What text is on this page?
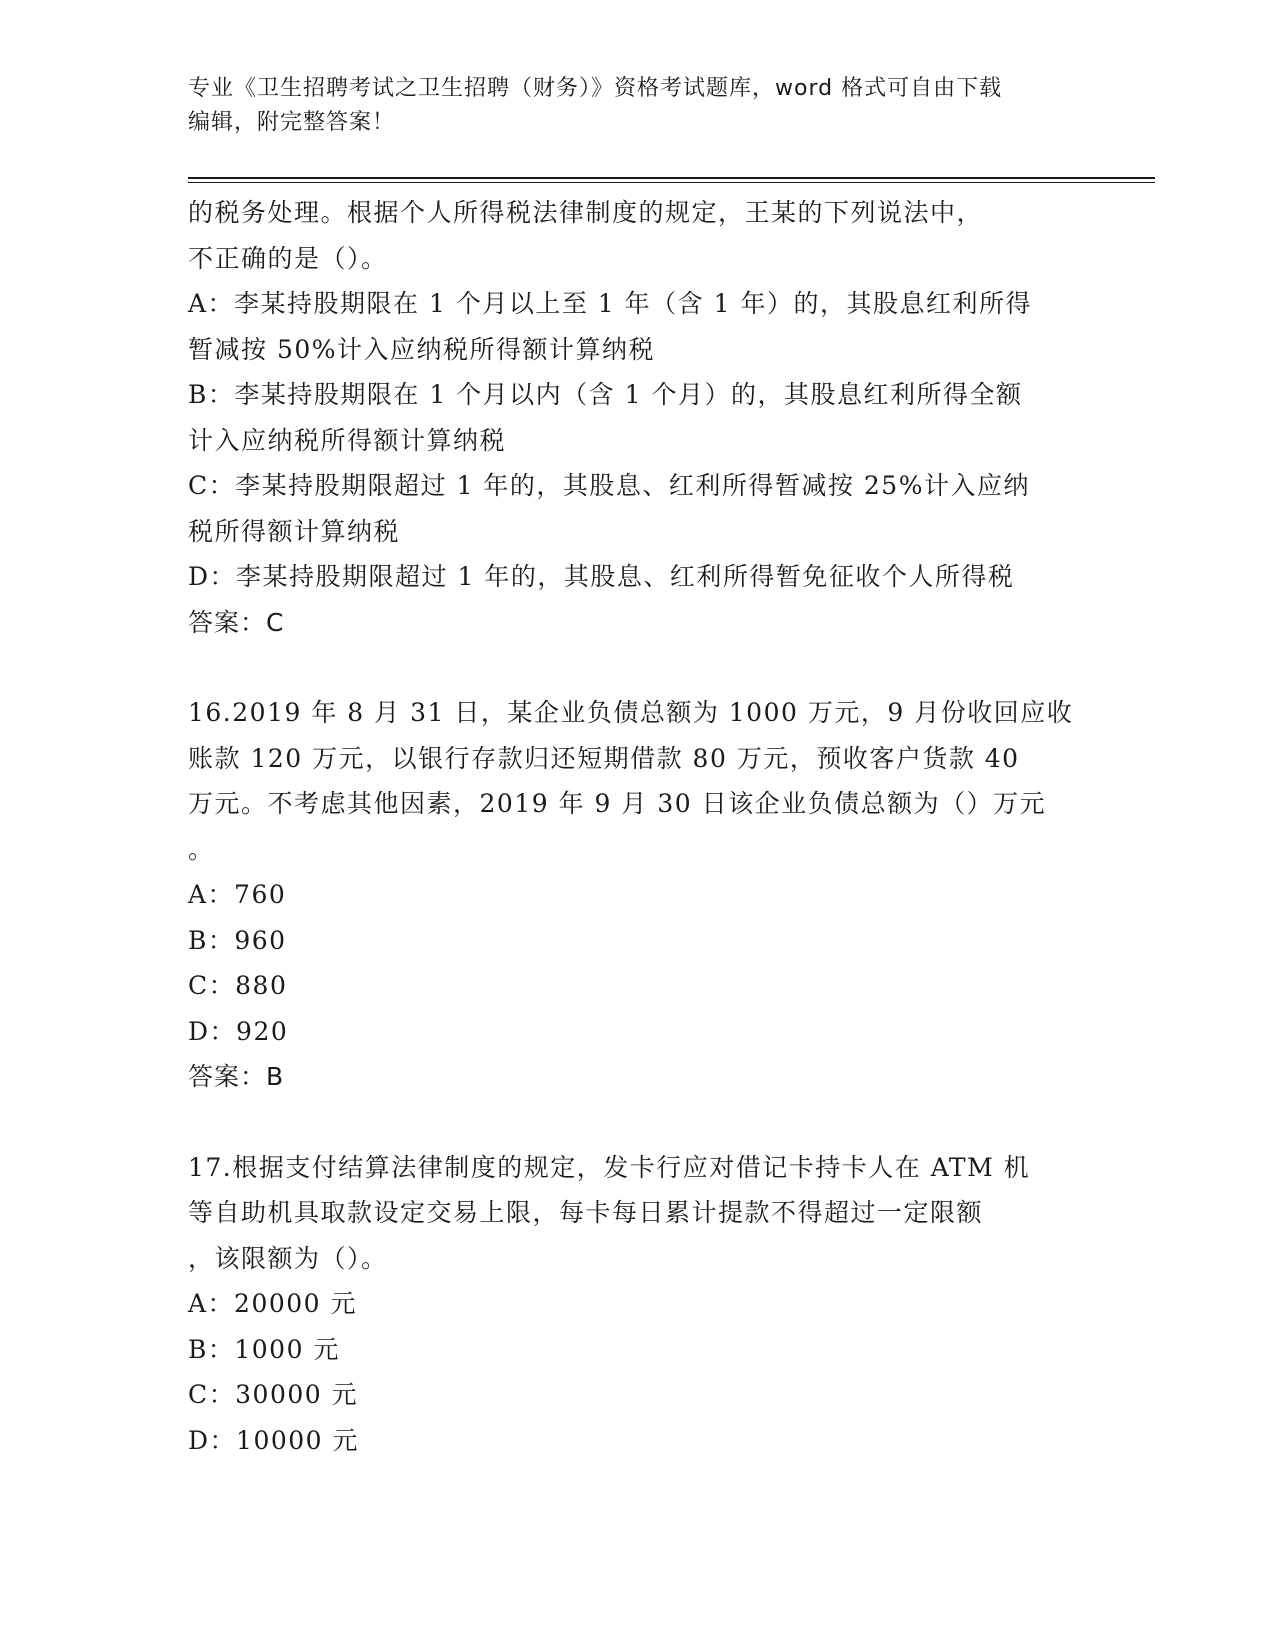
专业《卫生招聘考试之卫生招聘（财务）》资格考试题库，word 格式可自由下载
编辑，附完整答案！
的税务处理。根据个人所得税法律制度的规定，王某的下列说法中，
不正确的是（）。
A：李某持股期限在 1 个月以上至 1 年（含 1 年）的，其股息红利所得
暂减按 50%计入应纳税所得额计算纳税
B：李某持股期限在 1 个月以内（含 1 个月）的，其股息红利所得全额
计入应纳税所得额计算纳税
C：李某持股期限超过 1 年的，其股息、红利所得暂减按 25%计入应纳
税所得额计算纳税
D：李某持股期限超过 1 年的，其股息、红利所得暂免征收个人所得税
答案：C
16.2019 年 8 月 31 日，某企业负债总额为 1000 万元，9 月份收回应收
账款 120 万元，以银行存款归还短期借款 80 万元，预收客户货款 40
万元。不考虑其他因素，2019 年 9 月 30 日该企业负债总额为（）万元
。
A：760
B：960
C：880
D：920
答案：B
17.根据支付结算法律制度的规定，发卡行应对借记卡持卡人在 ATM 机
等自助机具取款设定交易上限，每卡每日累计提款不得超过一定限额
，该限额为（）。
A：20000 元
B：1000 元
C：30000 元
D：10000 元
